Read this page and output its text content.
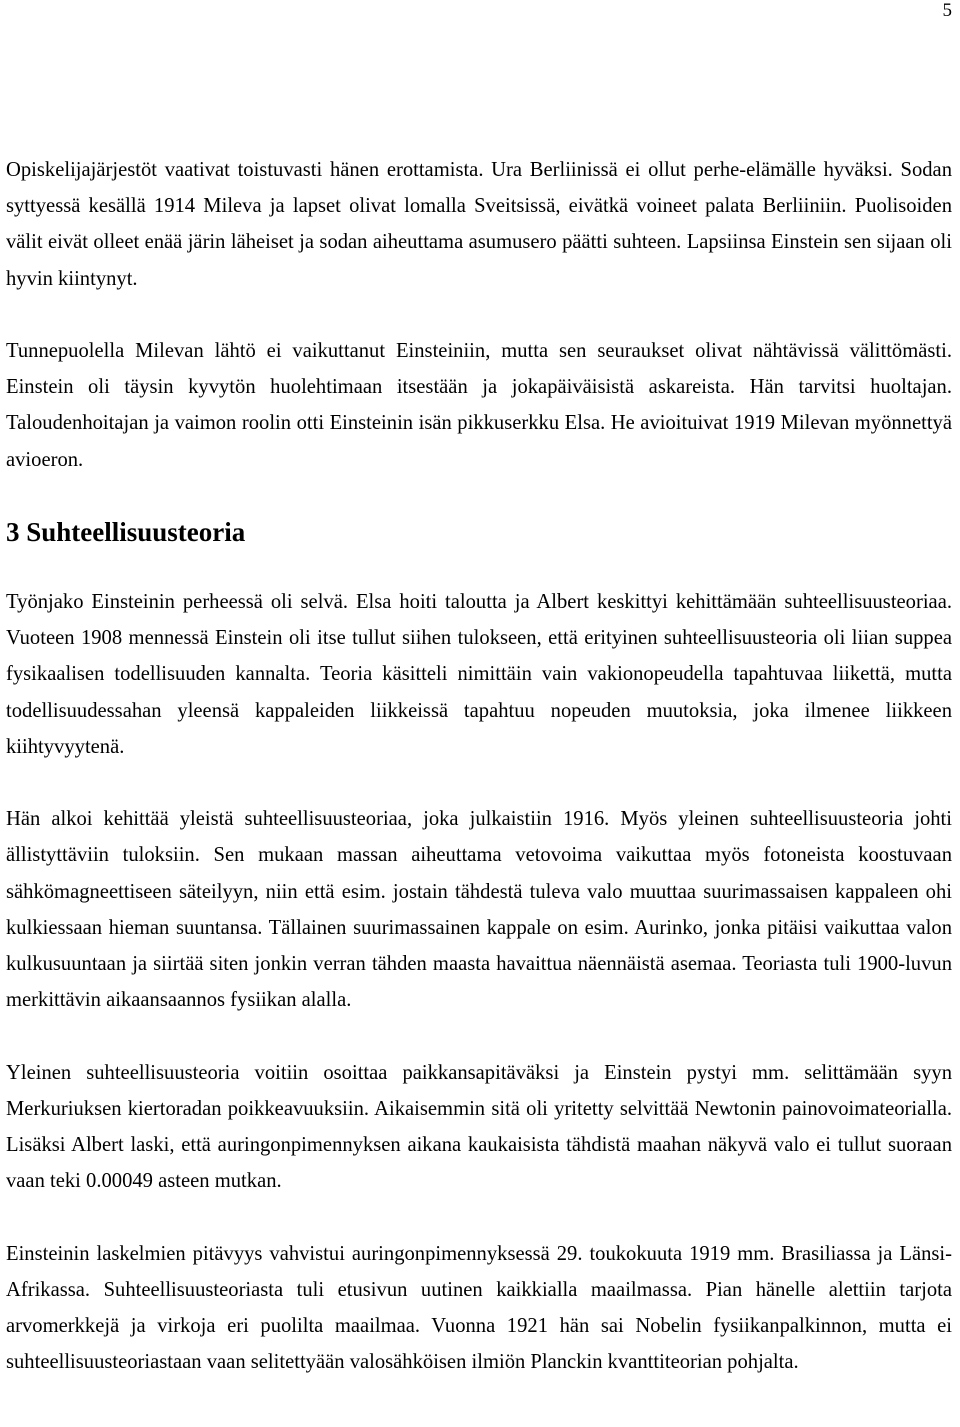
5

Opiskelijajärjestöt vaativat toistuvasti hänen erottamista. Ura Berliinissä ei ollut perhe-elämälle hyväksi. Sodan syttyessä kesällä 1914 Mileva ja lapset olivat lomalla Sveitsissä, eivätkä voineet palata Berliiniin. Puolisoiden välit eivät olleet enää järin läheiset ja sodan aiheuttama asumusero päätti suhteen. Lapsiinsa Einstein sen sijaan oli hyvin kiintynyt.

Tunnepuolella Milevan lähtö ei vaikuttanut Einsteiniin, mutta sen seuraukset olivat nähtävissä välittömästi. Einstein oli täysin kyvytön huolehtimaan itsestään ja jokapäiväisistä askareista. Hän tarvitsi huoltajan. Taloudenhoitajan ja vaimon roolin otti Einsteinin isän pikkuserkku Elsa. He avioituivat 1919 Milevan myönnettyä avioeron.

3 Suhteellisuusteoria

Työnjako Einsteinin perheessä oli selvä. Elsa hoiti taloutta ja Albert keskittyi kehittämään suhteellisuusteoriaa. Vuoteen 1908 mennessä Einstein oli itse tullut siihen tulokseen, että erityinen suhteellisuusteoria oli liian suppea fysikaalisen todellisuuden kannalta. Teoria käsitteli nimittäin vain vakionopeudella tapahtuvaa liikettä, mutta todellisuudessahan yleensä kappaleiden liikkeissä tapahtuu nopeuden muutoksia, joka ilmenee liikkeen kiihtyvyytenä.

Hän alkoi kehittää yleistä suhteellisuusteoriaa, joka julkaistiin 1916. Myös yleinen suhteellisuusteoria johti ällistyttäviin tuloksiin. Sen mukaan massan aiheuttama vetovoima vaikuttaa myös fotoneista koostuvaan sähkömagneettiseen säteilyyn, niin että esim. jostain tähdestä tuleva valo muuttaa suurimassaisen kappaleen ohi kulkiessaan hieman suuntansa. Tällainen suurimassainen kappale on esim. Aurinko, jonka pitäisi vaikuttaa valon kulkusuuntaan ja siirtää siten jonkin verran tähden maasta havaittua näennäistä asemaa. Teoriasta tuli 1900-luvun merkittävin aikaansaannos fysiikan alalla.

Yleinen suhteellisuusteoria voitiin osoittaa paikkansapitäväksi ja Einstein pystyi mm. selittämään syyn Merkuriuksen kiertoradan poikkeavuuksiin. Aikaisemmin sitä oli yritetty selvittää Newtonin painovoimateorialla. Lisäksi Albert laski, että auringonpimennyksen aikana kaukaisista tähdistä maahan näkyvä valo ei tullut suoraan vaan teki 0.00049 asteen mutkan.

Einsteinin laskelmien pitävyys vahvistui auringonpimennyksessä 29. toukokuuta 1919 mm. Brasiliassa ja Länsi- Afrikassa. Suhteellisuusteoriasta tuli etusivun uutinen kaikkialla maailmassa. Pian hänelle alettiin tarjota arvomerkkejä ja virkoja eri puolilta maailmaa. Vuonna 1921 hän sai Nobelin fysiikanpalkinnon, mutta ei suhteellisuusteoriastaan vaan selitettyään valosähköisen ilmiön Planckin kvanttiteorian pohjalta.
